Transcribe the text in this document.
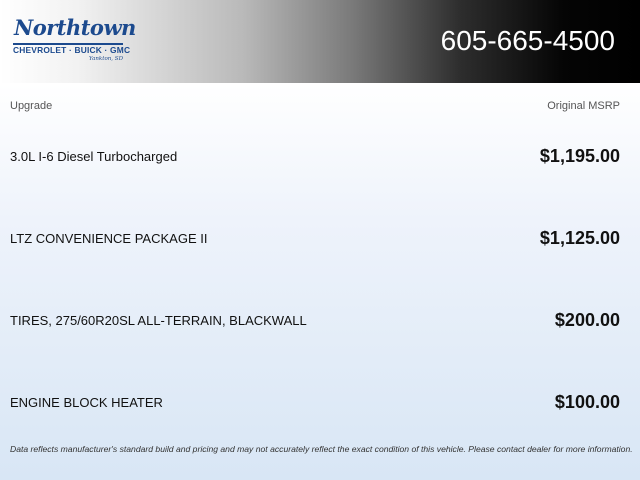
Northtown
CHEVROLET · BUICK · GMC
Yankton, SD
605-665-4500
Upgrade	Original MSRP
3.0L I-6 Diesel Turbocharged	$1,195.00
LTZ CONVENIENCE PACKAGE II	$1,125.00
TIRES, 275/60R20SL ALL-TERRAIN, BLACKWALL	$200.00
ENGINE BLOCK HEATER	$100.00
Data reflects manufacturer's standard build and pricing and may not accurately reflect the exact condition of this vehicle. Please contact dealer for more information.
